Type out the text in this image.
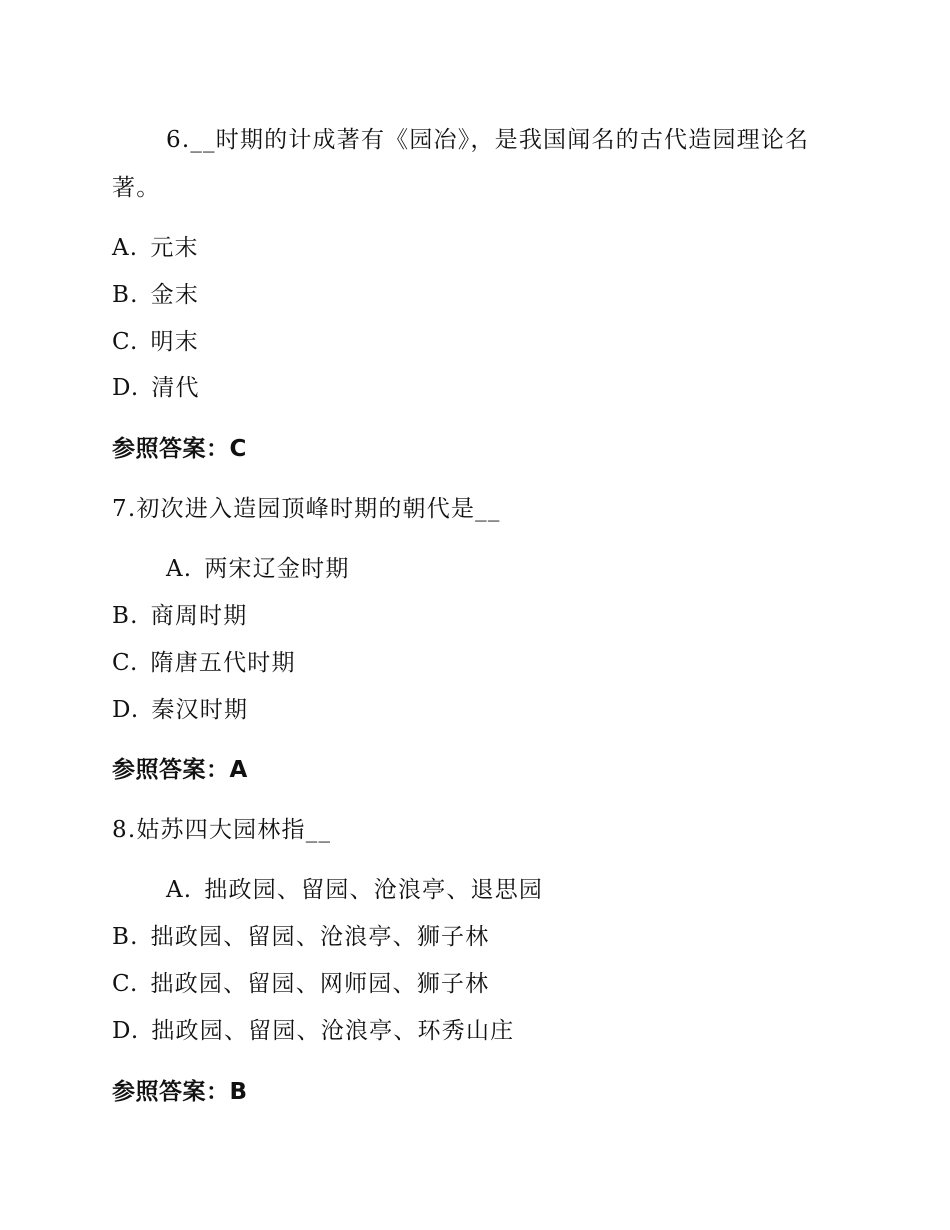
6.__时期的计成著有《园冶》，是我国闻名的古代造园理论名
著。
A. 元末
B. 金末
C. 明末
D. 清代
参照答案：C
7.初次进入造园顶峰时期的朝代是__
A. 两宋辽金时期
B. 商周时期
C. 隋唐五代时期
D. 秦汉时期
参照答案：A
8.姑苏四大园林指__
A. 拙政园、留园、沧浪亭、退思园
B. 拙政园、留园、沧浪亭、狮子林
C. 拙政园、留园、网师园、狮子林
D. 拙政园、留园、沧浪亭、环秀山庄
参照答案：B
